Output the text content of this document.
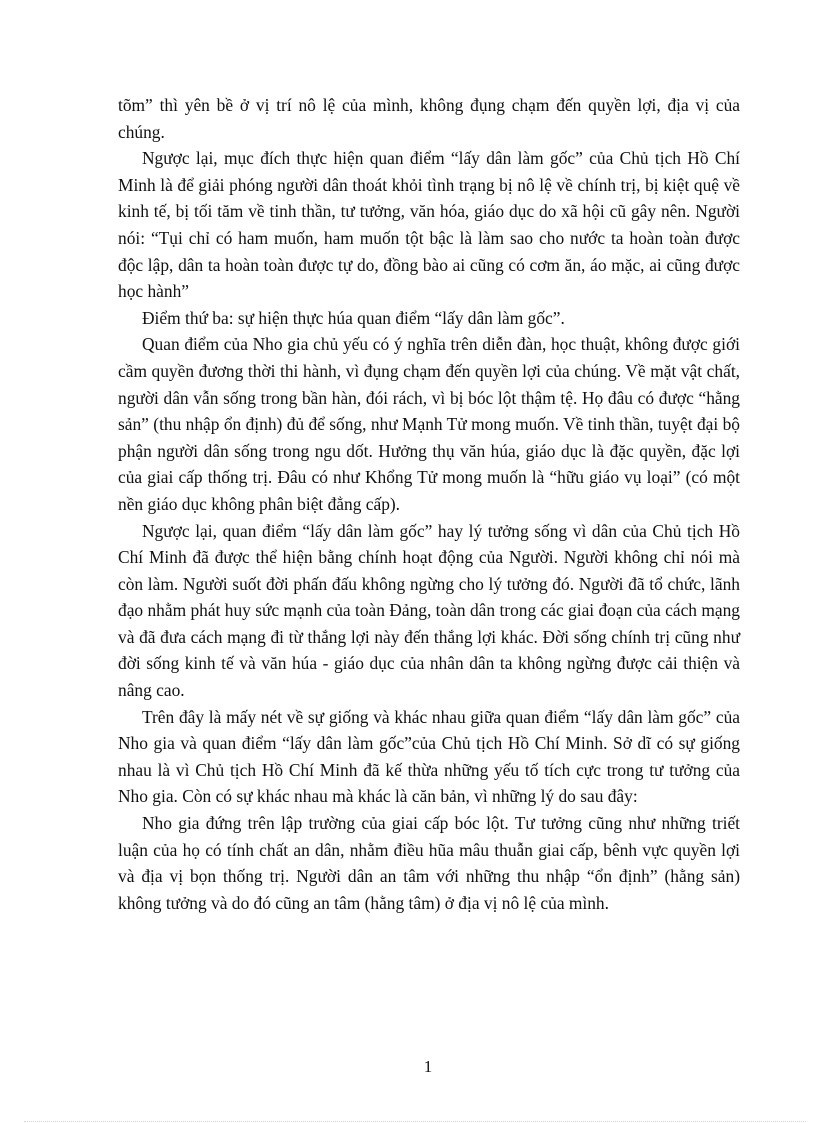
tõm” thì yên bề ở vị trí nô lệ của mình, không đụng chạm đến quyền lợi, địa vị của chúng.

Ngược lại, mục đích thực hiện quan điểm “lấy dân làm gốc” của Chủ tịch Hồ Chí Minh là để giải phóng người dân thoát khỏi tình trạng bị nô lệ về chính trị, bị kiệt quệ về kinh tế, bị tối tăm về tinh thần, tư tưởng, văn hóa, giáo dục do xã hội cũ gây nên. Người nói: “Tụi chỉ có ham muốn, ham muốn tột bậc là làm sao cho nước ta hoàn toàn được độc lập, dân ta hoàn toàn được tự do, đồng bào ai cũng có cơm ăn, áo mặc, ai cũng được học hành”

Điểm thứ ba: sự hiện thực húa quan điểm “lấy dân làm gốc”.

Quan điểm của Nho gia chủ yếu có ý nghĩa trên diễn đàn, học thuật, không được giới cầm quyền đương thời thi hành, vì đụng chạm đến quyền lợi của chúng. Về mặt vật chất, người dân vẫn sống trong bần hàn, đói rách, vì bị bóc lột thậm tệ. Họ đâu có được “hằng sản” (thu nhập ổn định) đủ để sống, như Mạnh Tử mong muốn. Về tinh thần, tuyệt đại bộ phận người dân sống trong ngu dốt. Hưởng thụ văn húa, giáo dục là đặc quyền, đặc lợi của giai cấp thống trị. Đâu có như Khổng Tử mong muốn là “hữu giáo vụ loại” (có một nền giáo dục không phân biệt đẳng cấp).

Ngược lại, quan điểm “lấy dân làm gốc” hay lý tưởng sống vì dân của Chủ tịch Hồ Chí Minh đã được thể hiện bằng chính hoạt động của Người. Người không chỉ nói mà còn làm. Người suốt đời phấn đấu không ngừng cho lý tưởng đó. Người đã tổ chức, lãnh đạo nhằm phát huy sức mạnh của toàn Đảng, toàn dân trong các giai đoạn của cách mạng và đã đưa cách mạng đi từ thắng lợi này đến thắng lợi khác. Đời sống chính trị cũng như đời sống kinh tế và văn húa - giáo dục của nhân dân ta không ngừng được cải thiện và nâng cao.

Trên đây là mấy nét về sự giống và khác nhau giữa quan điểm “lấy dân làm gốc” của Nho gia và quan điểm “lấy dân làm gốc”của Chủ tịch Hồ Chí Minh. Sở dĩ có sự giống nhau là vì Chủ tịch Hồ Chí Minh đã kế thừa những yếu tố tích cực trong tư tưởng của Nho gia. Còn có sự khác nhau mà khác là căn bản, vì những lý do sau đây:

Nho gia đứng trên lập trường của giai cấp bóc lột. Tư tưởng cũng như những triết luận của họ có tính chất an dân, nhằm điều hũa mâu thuẫn giai cấp, bênh vực quyền lợi và địa vị bọn thống trị. Người dân an tâm với những thu nhập “ổn định” (hằng sản) không tưởng và do đó cũng an tâm (hằng tâm) ở địa vị nô lệ của mình.

1
